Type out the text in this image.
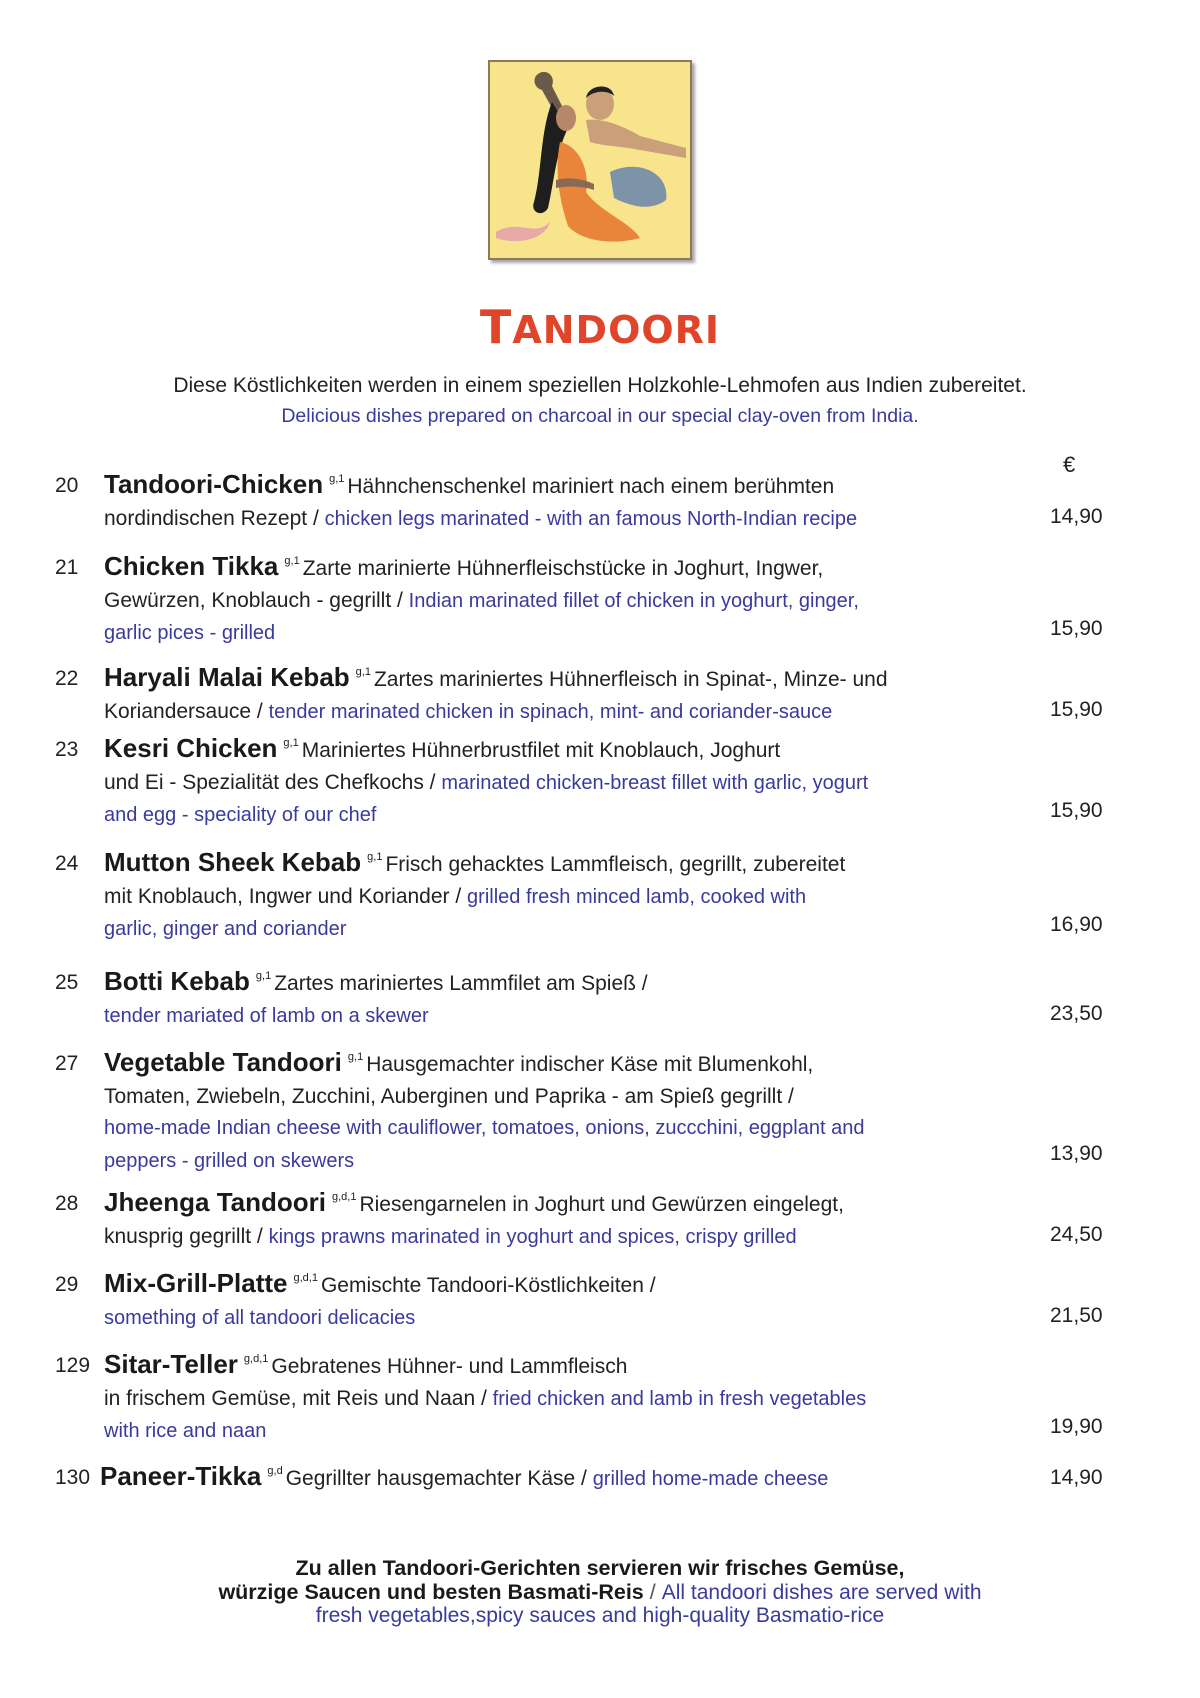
TANDOORI
Diese Köstlichkeiten werden in einem speziellen Holzkohle-Lehmofen aus Indien zubereitet.
Delicious dishes prepared on charcoal in our special clay-oven from India.
€
20 Tandoori-Chicken $^{g,1}$ Hähnchenschenkel mariniert nach einem berühmten
nordindischen Rezept / chicken legs marinated - with an famous North-Indian recipe	14,90
21 Chicken Tikka $^{g,1}$ Zarte marinierte Hühnerfleischstücke in Joghurt, Ingwer,
Gewürzen, Knoblauch - gegrillt / Indian marinated fillet of chicken in yoghurt, ginger,
garlic pices - grilled	15,90
22 Haryali Malai Kebab $^{g,1}$ Zartes mariniertes Hühnerfleisch in Spinat-, Minze- und
Koriandersauce / tender marinated chicken in spinach, mint- and coriander-sauce	15,90
23 Kesri Chicken $^{g,1}$ Mariniertes Hühnerbrustfilet mit Knoblauch, Joghurt
und Ei - Spezialität des Chefkochs / marinated chicken-breast fillet with garlic, yogurt
and egg - speciality of our chef	15,90
24 Mutton Sheek Kebab $^{g,1}$ Frisch gehacktes Lammfleisch, gegrillt, zubereitet
mit Knoblauch, Ingwer und Koriander / grilled fresh minced lamb, cooked with
garlic, ginger and coriander	16,90
25 Botti Kebab $^{g,1}$ Zartes mariniertes Lammfilet am Spieß /
tender mariated of lamb on a skewer	23,50
27 Vegetable Tandoori $^{g,1}$ Hausgemachter indischer Käse mit Blumenkohl,
Tomaten, Zwiebeln, Zucchini, Auberginen und Paprika - am Spieß gegrillt /
home-made Indian cheese with cauliflower, tomatoes, onions, zuccchini, eggplant and
peppers - grilled on skewers	13,90
28 Jheenga Tandoori $^{g,d,1}$ Riesengarnelen in Joghurt und Gewürzen eingelegt,
knusprig gegrillt / kings prawns marinated in yoghurt and spices, crispy grilled	24,50
29 Mix-Grill-Platte $^{g,d,1}$ Gemischte Tandoori-Köstlichkeiten /
something of all tandoori delicacies	21,50
129 Sitar-Teller $^{g,d,1}$ Gebratenes Hühner- und Lammfleisch
in frischem Gemüse, mit Reis und Naan / fried chicken and lamb in fresh vegetables
with rice and naan	19,90
130 Paneer-Tikka $^{g,d}$ Gegrillter hausgemachter Käse / grilled home-made cheese	14,90
Zu allen Tandoori-Gerichten servieren wir frisches Gemüse,
würzige Saucen und besten Basmati-Reis / All tandoori dishes are served with
fresh vegetables,spicy sauces and high-quality Basmatio-rice
